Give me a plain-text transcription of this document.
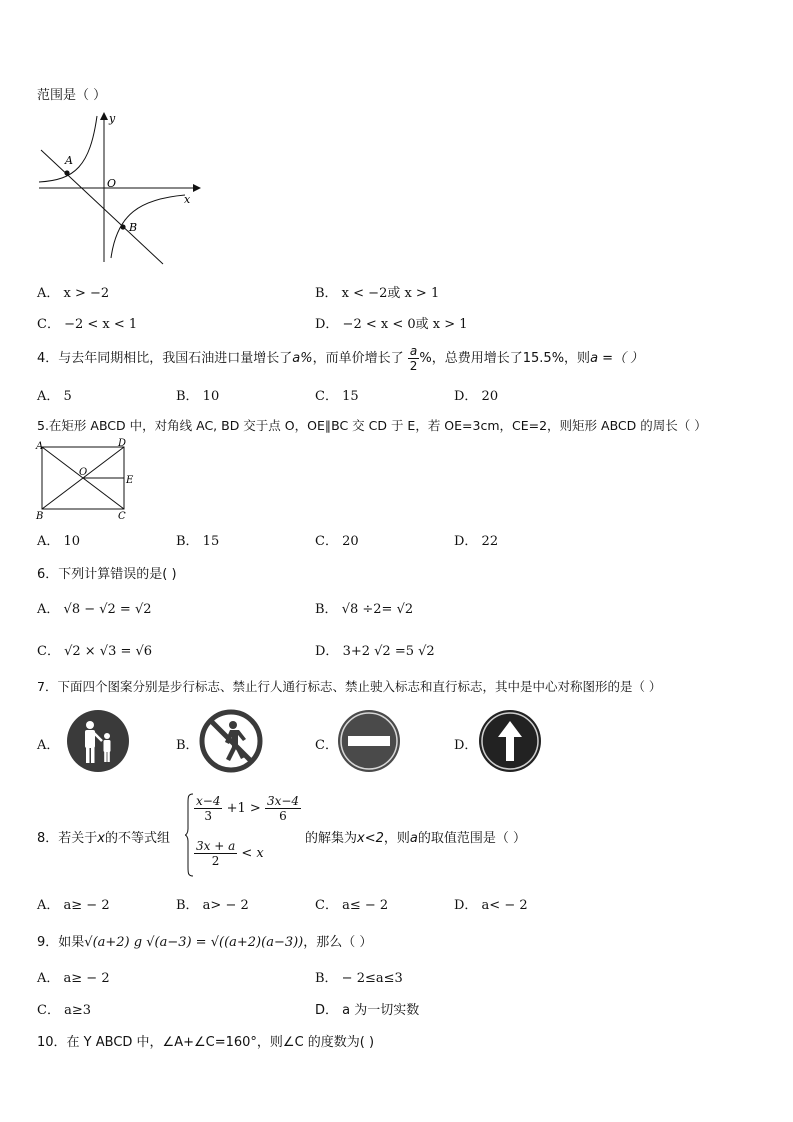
范围是（ ）
y
x
O
A
B
A． x > −2	B． x < −2或 x > 1
C． −2 < x < 1	D． −2 < x < 0或 x > 1
4．与去年同期相比，我国石油进口量增长了a%，而单价增长了 $\frac{a}{2}$ %，总费用增长了15.5%，则a =（ ）
A． 5	B． 10	C． 15	D． 20
5.在矩形 ABCD 中，对角线 AC, BD 交于点 O，OE∥BC 交 CD 于 E，若 OE=3cm，CE=2，则矩形 ABCD 的周长（ ）
A	D
B	C
O
E
A． 10	B． 15	C． 20	D． 22
6．下列计算错误的是( )
A． √8 − √2 = √2	B． √8 ÷2= √2
C． √2 × √3 = √6	D． 3+2 √2 =5 √2
7．下面四个图案分别是步行标志、禁止行人通行标志、禁止驶入标志和直行标志，其中是中心对称图形的是（ ）
A．	B．	C．	D．
8．若关于x的不等式组
$\frac{x-4}{3} +1 > \frac{3x-4}{6}$
$\frac{3x + a}{2} < x$
的解集为x<2，则a的取值范围是（ ）
A． a≥ − 2	B． a> − 2	C． a≤ − 2	D． a< − 2
9．如果√(a+2) g √(a−3) = √((a+2)(a−3))，那么（ ）
A． a≥ − 2	B． − 2≤a≤3
C． a≥3	D． a 为一切实数
10．在 Y ABCD 中，∠A+∠C=160°，则∠C 的度数为( )
